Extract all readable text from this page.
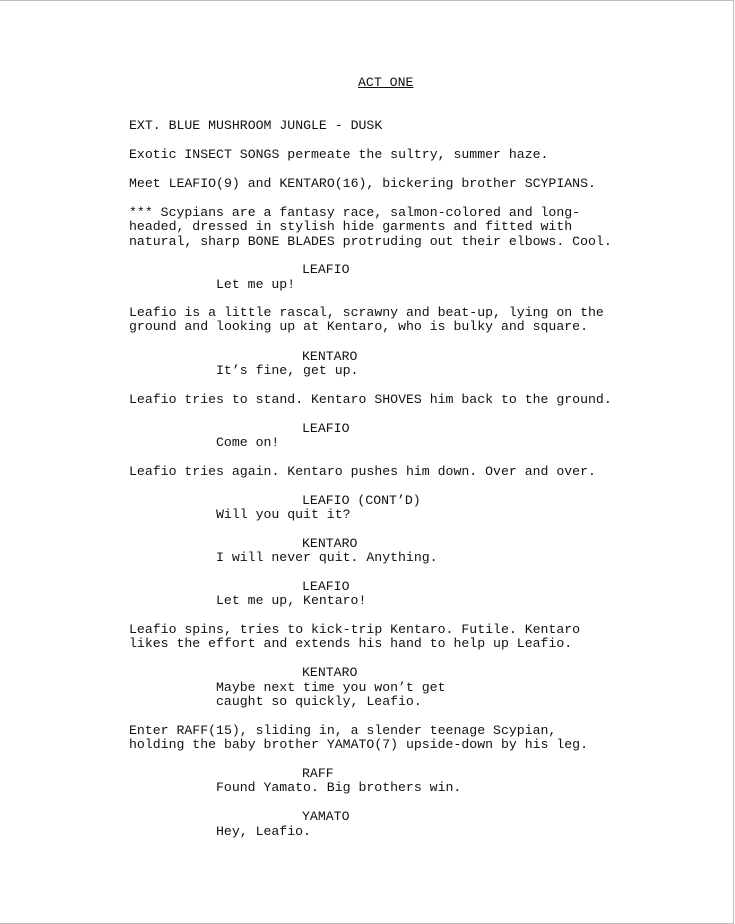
ACT ONE
EXT. BLUE MUSHROOM JUNGLE - DUSK
Exotic INSECT SONGS permeate the sultry, summer haze.
Meet LEAFIO(9) and KENTARO(16), bickering brother SCYPIANS.
*** Scypians are a fantasy race, salmon-colored and long-
headed, dressed in stylish hide garments and fitted with
natural, sharp BONE BLADES protruding out their elbows. Cool.
LEAFIO
Let me up!
Leafio is a little rascal, scrawny and beat-up, lying on the
ground and looking up at Kentaro, who is bulky and square.
KENTARO
It’s fine, get up.
Leafio tries to stand. Kentaro SHOVES him back to the ground.
LEAFIO
Come on!
Leafio tries again. Kentaro pushes him down. Over and over.
LEAFIO (CONT’D)
Will you quit it?
KENTARO
I will never quit. Anything.
LEAFIO
Let me up, Kentaro!
Leafio spins, tries to kick-trip Kentaro. Futile. Kentaro
likes the effort and extends his hand to help up Leafio.
KENTARO
Maybe next time you won’t get
caught so quickly, Leafio.
Enter RAFF(15), sliding in, a slender teenage Scypian,
holding the baby brother YAMATO(7) upside-down by his leg.
RAFF
Found Yamato. Big brothers win.
YAMATO
Hey, Leafio.
